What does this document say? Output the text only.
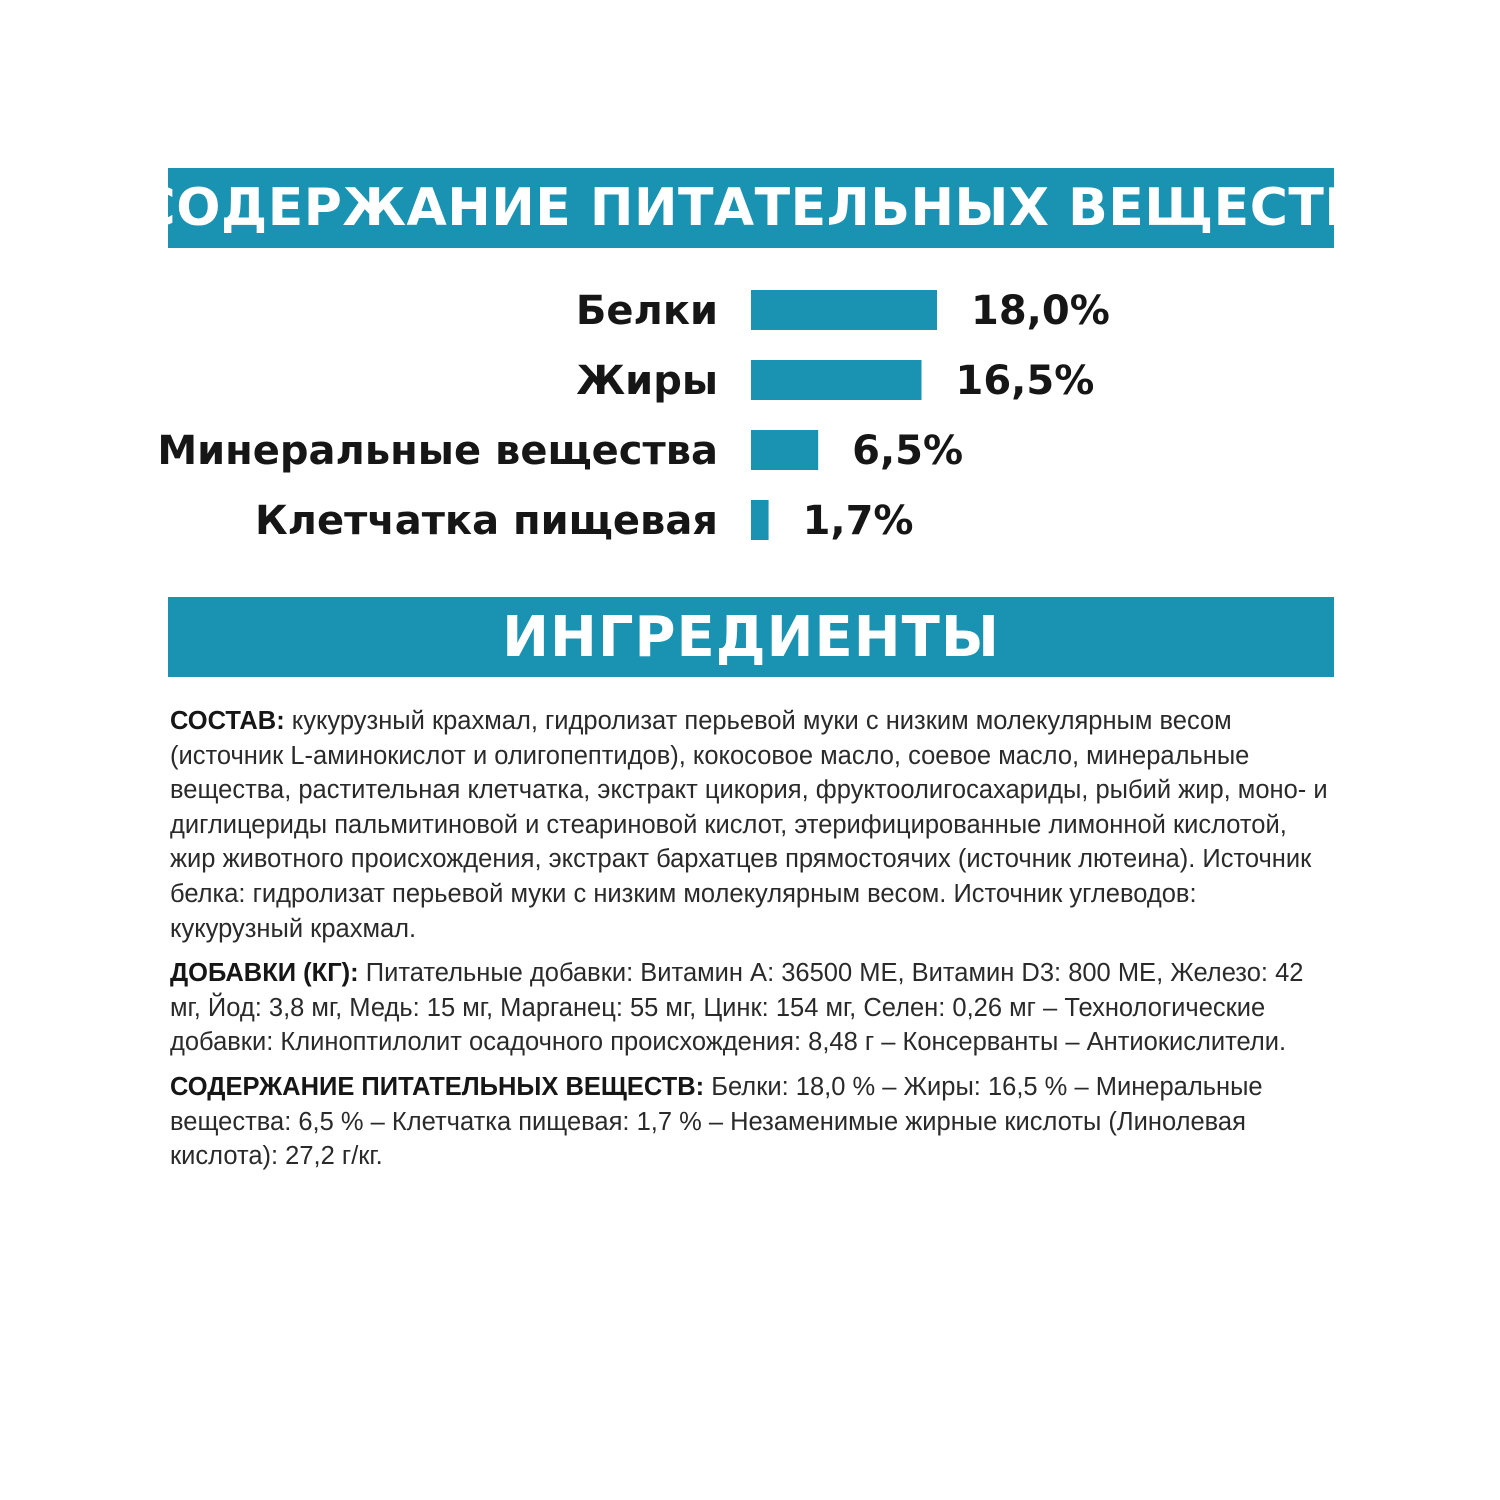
СОДЕРЖАНИЕ ПИТАТЕЛЬНЫХ ВЕЩЕСТВ
Белки	18,0%
Жиры	16,5%
Минеральные вещества	6,5%
Клетчатка пищевая 1,7%
ИНГРЕДИЕНТЫ

СОСТАВ: кукурузный крахмал, гидролизат перьевой муки с низким молекулярным весом (источник L-аминокислот и олигопептидов), кокосовое масло, соевое масло, минеральные вещества, растительная клетчатка, экстракт цикория, фруктоолигосахариды, рыбий жир, моно- и диглицериды пальмитиновой и стеариновой кислот, этерифицированные лимонной кислотой, жир животного происхождения, экстракт бархатцев прямостоячих (источник лютеина). Источник белка: гидролизат перьевой муки с низким молекулярным весом. Источник углеводов: кукурузный крахмал.

ДОБАВКИ (КГ): Питательные добавки: Витамин A: 36500 МЕ, Витамин D3: 800 МЕ, Железо: 42 мг, Йод: 3,8 мг, Медь: 15 мг, Марганец: 55 мг, Цинк: 154 мг, Селен: 0,26 мг – Технологические добавки: Клиноптилолит осадочного происхождения: 8,48 г – Консерванты – Антиокислители.

СОДЕРЖАНИЕ ПИТАТЕЛЬНЫХ ВЕЩЕСТВ: Белки: 18,0 % – Жиры: 16,5 % – Минеральные вещества: 6,5 % – Клетчатка пищевая: 1,7 % – Незаменимые жирные кислоты (Линолевая кислота): 27,2 г/кг.
